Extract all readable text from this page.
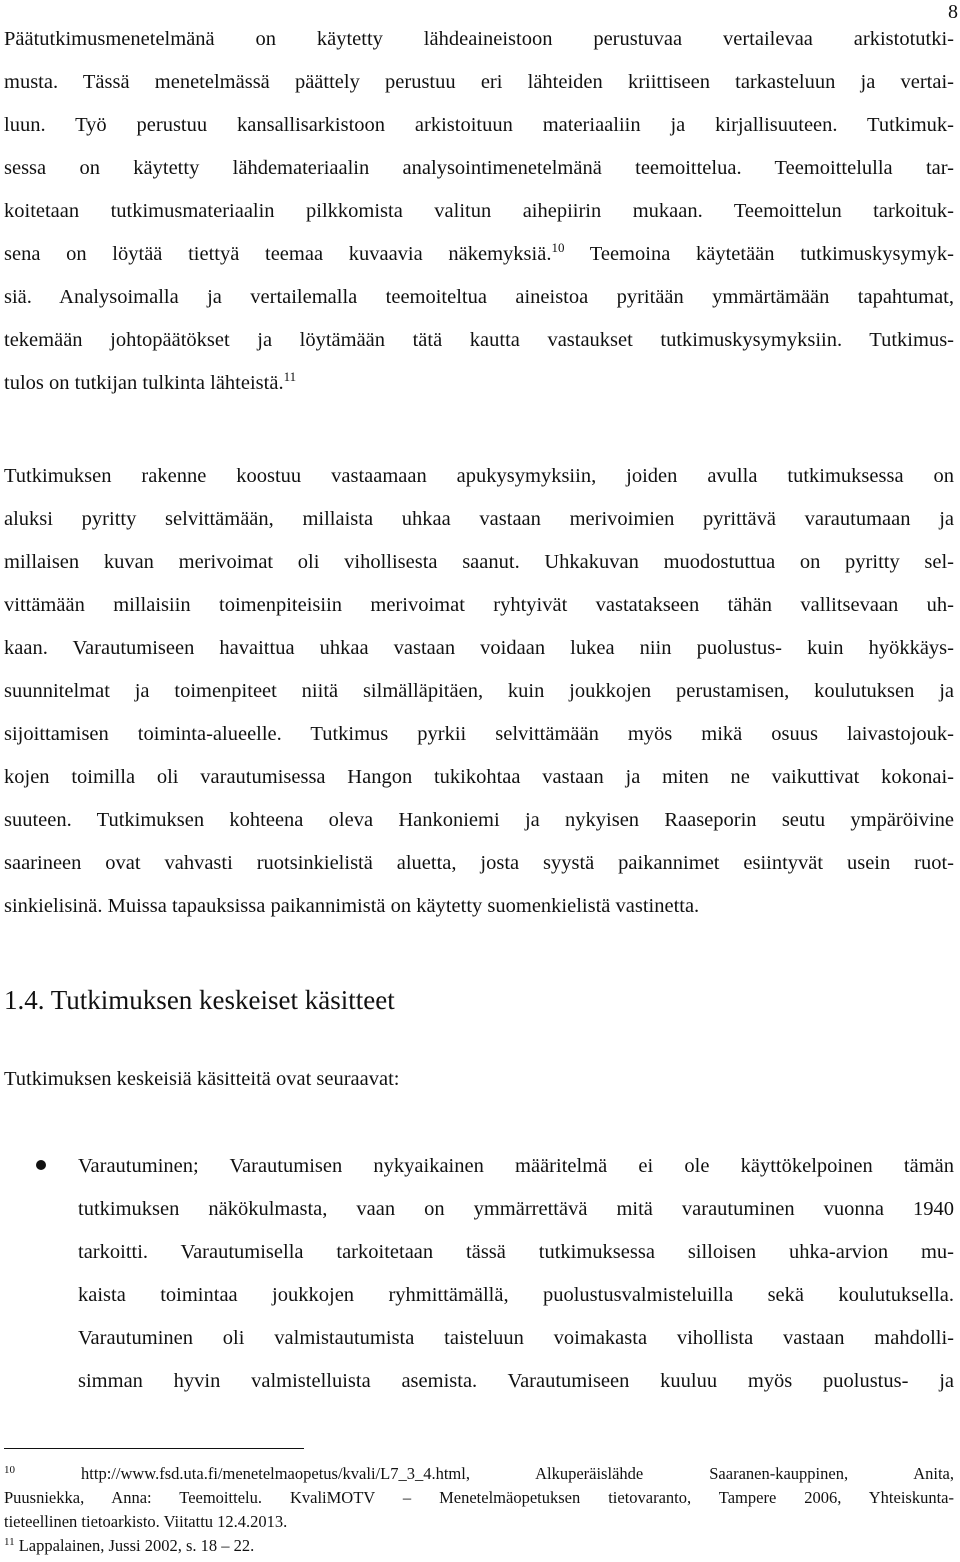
8
Päätutkimusmenetelmänä on käytetty lähdeaineistoon perustuvaa vertailevaa arkistotutki-
musta. Tässä menetelmässä päättely perustuu eri lähteiden kriittiseen tarkasteluun ja vertai-
luun. Työ perustuu kansallisarkistoon arkistoituun materiaaliin ja kirjallisuuteen. Tutkimuk-
sessa on käytetty lähdemateriaalin analysointimenetelmänä teemoittelua. Teemoittelulla tar-
koitetaan tutkimusmateriaalin pilkkomista valitun aihepiirin mukaan. Teemoittelun tarkoituk-
sena on löytää tiettyä teemaa kuvaavia näkemyksiä.$^{10}$ Teemoina käytetään tutkimuskysymyk-
siä. Analysoimalla ja vertailemalla teemoiteltua aineistoa pyritään ymmärtämään tapahtumat,
tekemään johtopäätökset ja löytämään tätä kautta vastaukset tutkimuskysymyksiin. Tutkimus-
tulos on tutkijan tulkinta lähteistä.$^{11}$
Tutkimuksen rakenne koostuu vastaamaan apukysymyksiin, joiden avulla tutkimuksessa on
aluksi pyritty selvittämään, millaista uhkaa vastaan merivoimien pyrittävä varautumaan ja
millaisen kuvan merivoimat oli vihollisesta saanut. Uhkakuvan muodostuttua on pyritty sel-
vittämään millaisiin toimenpiteisiin merivoimat ryhtyivät vastatakseen tähän vallitsevaan uh-
kaan. Varautumiseen havaittua uhkaa vastaan voidaan lukea niin puolustus- kuin hyökkäys-
suunnitelmat ja toimenpiteet niitä silmälläpitäen, kuin joukkojen perustamisen, koulutuksen ja
sijoittamisen toiminta-alueelle. Tutkimus pyrkii selvittämään myös mikä osuus laivastojouk-
kojen toimilla oli varautumisessa Hangon tukikohtaa vastaan ja miten ne vaikuttivat kokonai-
suuteen. Tutkimuksen kohteena oleva Hankoniemi ja nykyisen Raaseporin seutu ympäröivine
saarineen ovat vahvasti ruotsinkielistä aluetta, josta syystä paikannimet esiintyvät usein ruot-
sinkielisinä. Muissa tapauksissa paikannimistä on käytetty suomenkielistä vastinetta.
1.4. Tutkimuksen keskeiset käsitteet
Tutkimuksen keskeisiä käsitteitä ovat seuraavat:
Varautuminen; Varautumisen nykyaikainen määritelmä ei ole käyttökelpoinen tämän
tutkimuksen näkökulmasta, vaan on ymmärrettävä mitä varautuminen vuonna 1940
tarkoitti. Varautumisella tarkoitetaan tässä tutkimuksessa silloisen uhka-arvion mu-
kaista toimintaa joukkojen ryhmittämällä, puolustusvalmisteluilla sekä koulutuksella.
Varautuminen oli valmistautumista taisteluun voimakasta vihollista vastaan mahdolli-
simman hyvin valmistelluista asemista. Varautumiseen kuuluu myös puolustus- ja
$^{10}$ http://www.fsd.uta.fi/menetelmaopetus/kvali/L7_3_4.html, Alkuperäislähde Saaranen-kauppinen, Anita,
Puusniekka, Anna: Teemoittelu. KvaliMOTV – Menetelmäopetuksen tietovaranto, Tampere 2006, Yhteiskunta-
tieteellinen tietoarkisto. Viitattu 12.4.2013.
$^{11}$ Lappalainen, Jussi 2002, s. 18 – 22.
